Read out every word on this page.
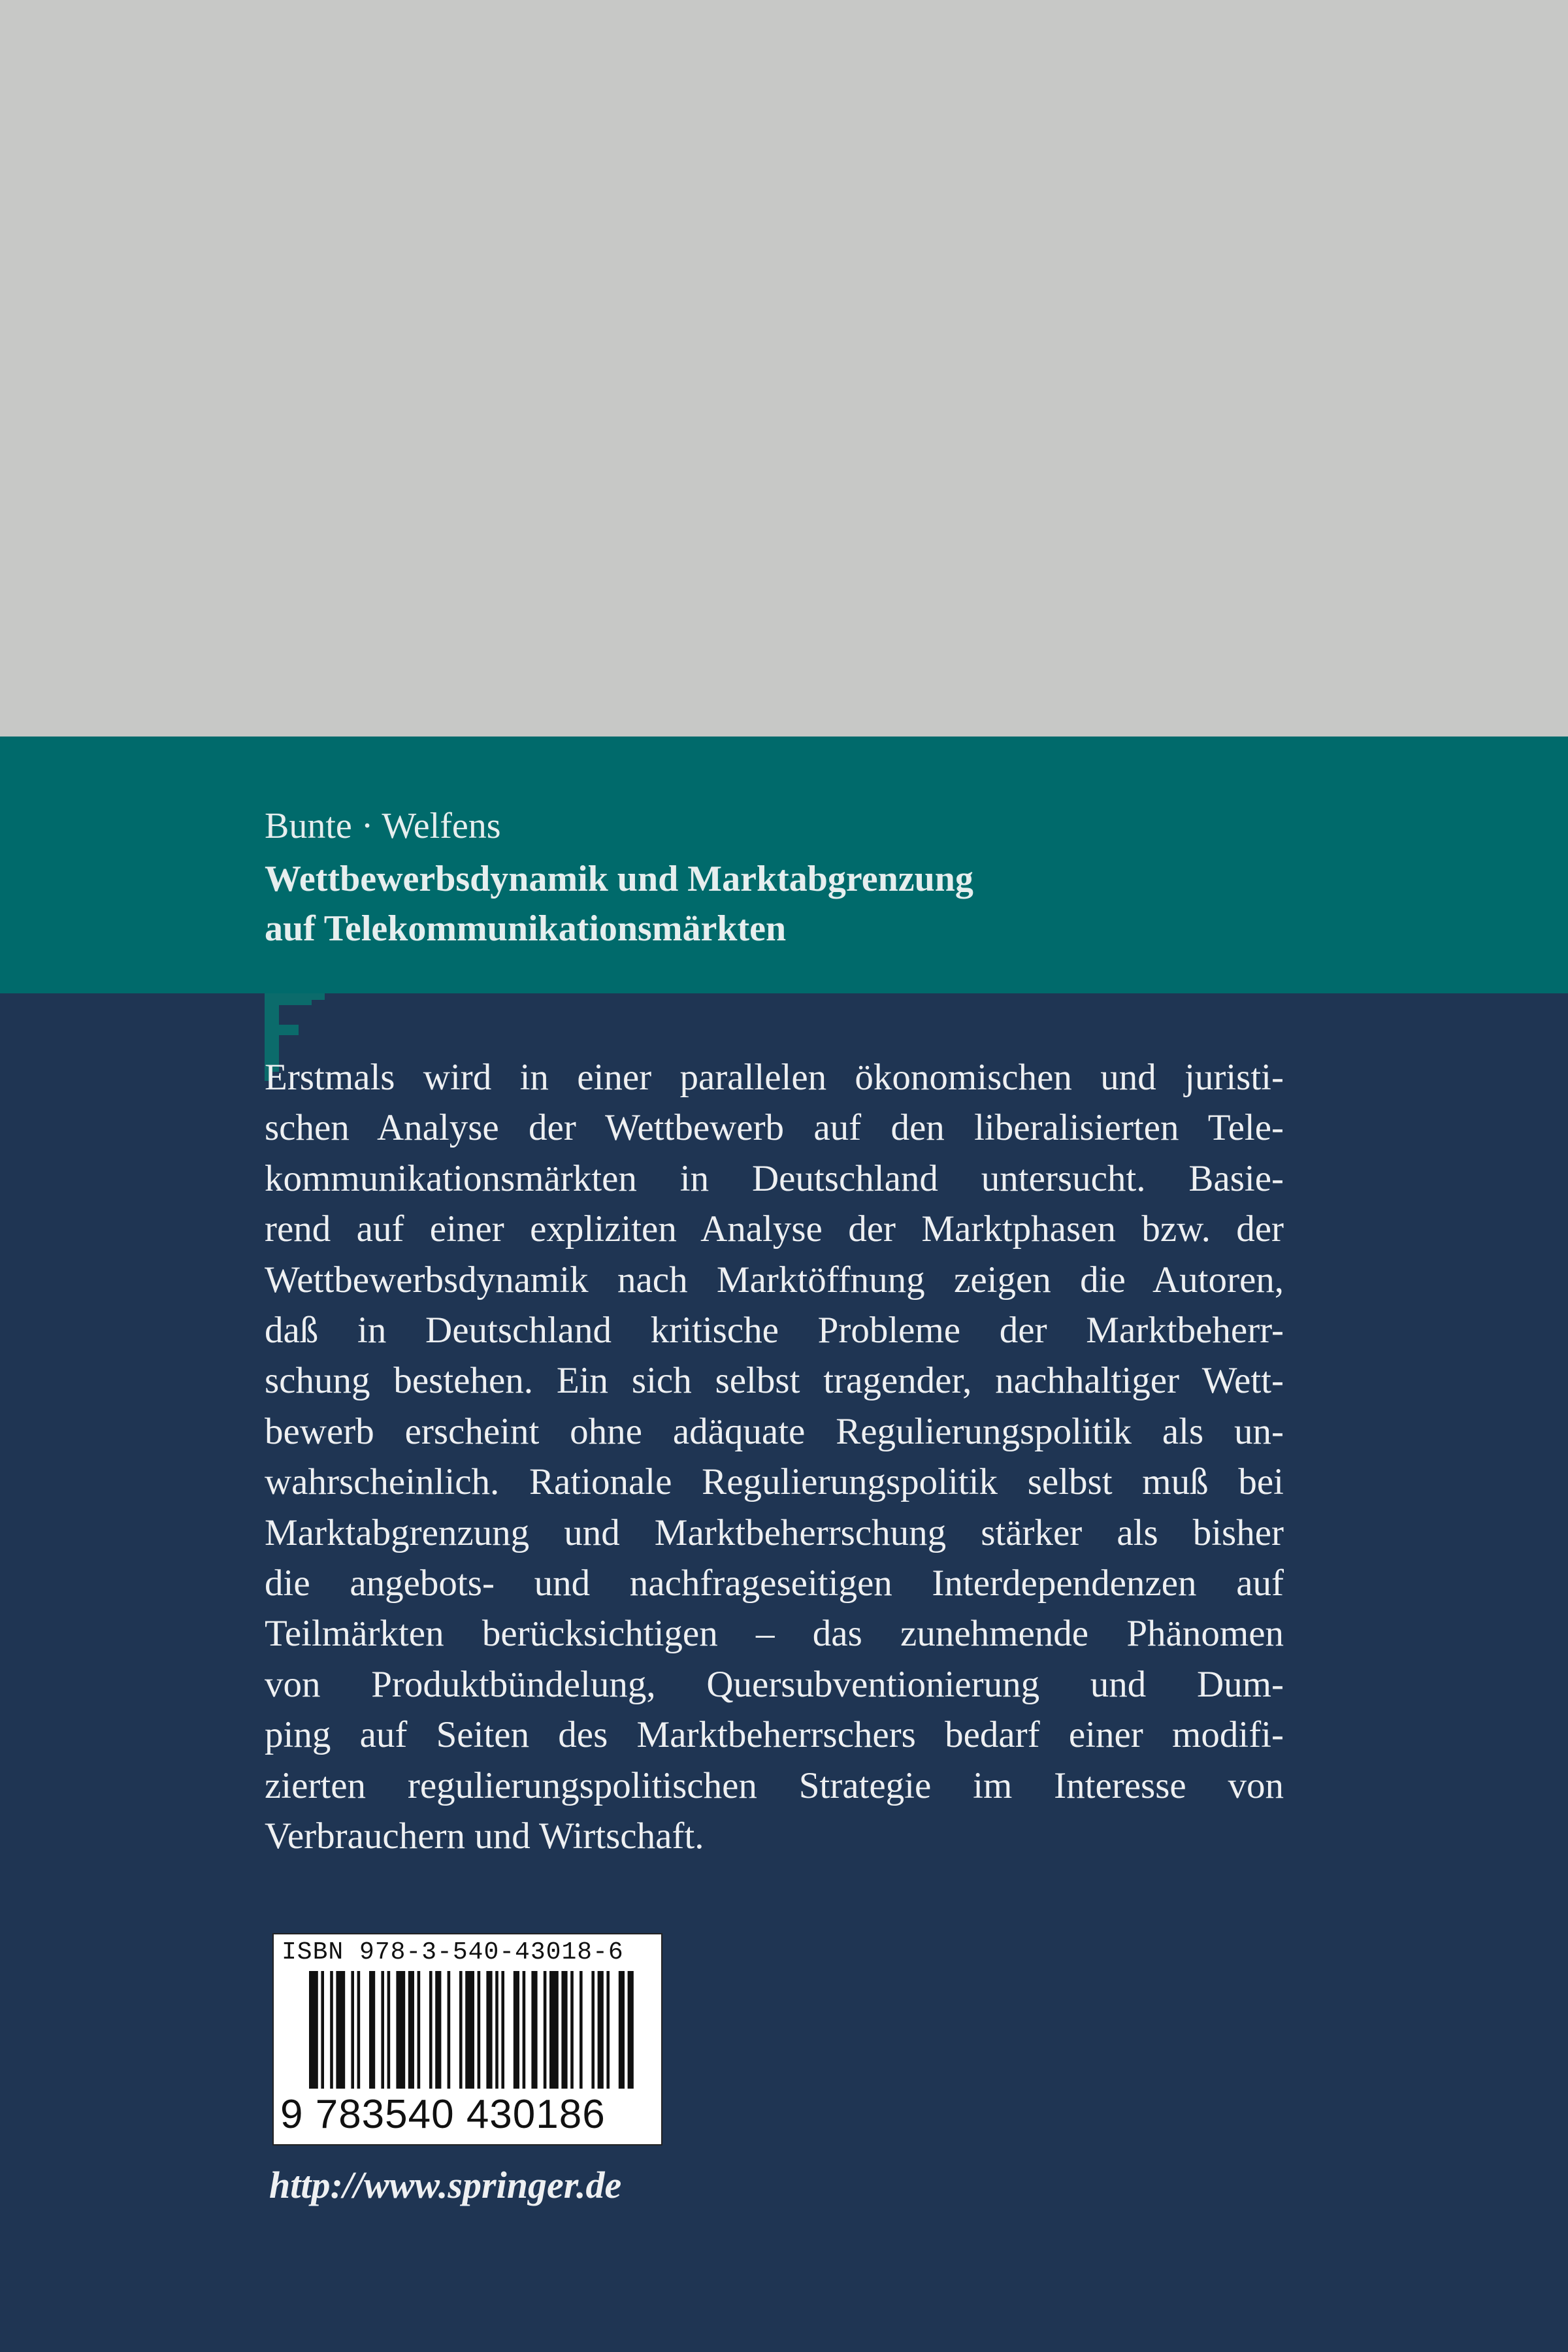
Bunte · Welfens
Wettbewerbsdynamik und Marktabgrenzung
auf Telekommunikationsmärkten
Erstmals wird in einer parallelen ökonomischen und juristi-
schen Analyse der Wettbewerb auf den liberalisierten Tele-
kommunikationsmärkten in Deutschland untersucht. Basie-
rend auf einer expliziten Analyse der Marktphasen bzw. der
Wettbewerbsdynamik nach Marktöffnung zeigen die Autoren,
daß in Deutschland kritische Probleme der Marktbeherr-
schung bestehen. Ein sich selbst tragender, nachhaltiger Wett-
bewerb erscheint ohne adäquate Regulierungspolitik als un-
wahrscheinlich. Rationale Regulierungspolitik selbst muß bei
Marktabgrenzung und Marktbeherrschung stärker als bisher
die angebots- und nachfrageseitigen Interdependenzen auf
Teilmärkten berücksichtigen – das zunehmende Phänomen
von Produktbündelung, Quersubventionierung und Dum-
ping auf Seiten des Marktbeherrschers bedarf einer modifi-
zierten regulierungspolitischen Strategie im Interesse von
Verbrauchern und Wirtschaft.
ISBN 978-3-540-43018-6
9 783540 430186
http://www.springer.de
